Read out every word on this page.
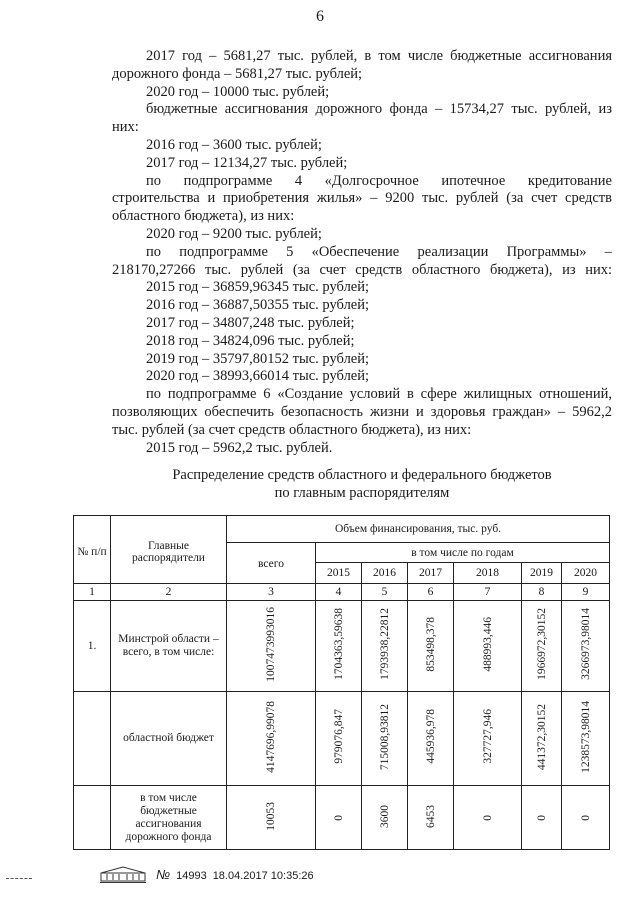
6

2017 год – 5681,27 тыс. рублей, в том числе бюджетные ассигнования

дорожного фонда – 5681,27 тыс. рублей;

2020 год – 10000 тыс. рублей;

бюджетные ассигнования дорожного фонда – 15734,27 тыс. рублей, из

них:

2016 год – 3600 тыс. рублей;

2017 год – 12134,27 тыс. рублей;

по подпрограмме 4 «Долгосрочное ипотечное кредитование

строительства и приобретения жилья» – 9200 тыс. рублей (за счет средств

областного бюджета), из них:

2020 год – 9200 тыс. рублей;

по подпрограмме 5 «Обеспечение реализации Программы» –

218170,27266 тыс. рублей (за счет средств областного бюджета), из них:

2015 год – 36859,96345 тыс. рублей;

2016 год – 36887,50355 тыс. рублей;

2017 год – 34807,248 тыс. рублей;

2018 год – 34824,096 тыс. рублей;

2019 год – 35797,80152 тыс. рублей;

2020 год – 38993,66014 тыс. рублей;

по подпрограмме 6 «Создание условий в сфере жилищных отношений,

позволяющих обеспечить безопасность жизни и здоровья граждан» – 5962,2

тыс. рублей (за счет средств областного бюджета), из них:

2015 год – 5962,2 тыс. рублей.

Распределение средств областного и федерального бюджетов
по главным распорядителям
№ п/п	Главные распорядители	Объем финансирования, тыс. руб.						
		всего	в том числе по годам					
			2015	2016	2017	2018	2019	2020
1	2	3	4	5	6	7	8	9
1.	Минстрой области – всего, в том числе:	1007473993016	1704363,59638	1793938,22812	853498,378	488993,446	1966972,30152	3266973,98014
	областной бюджет	4147696,99078	979076,847	715008,93812	445936,978	327727,946	441372,30152	1238573,98014
	в том числе бюджетные ассигнования дорожного фонда	10053	0	3600	6453	0	0	0
№ 14993 18.04.2017 10:35:26
